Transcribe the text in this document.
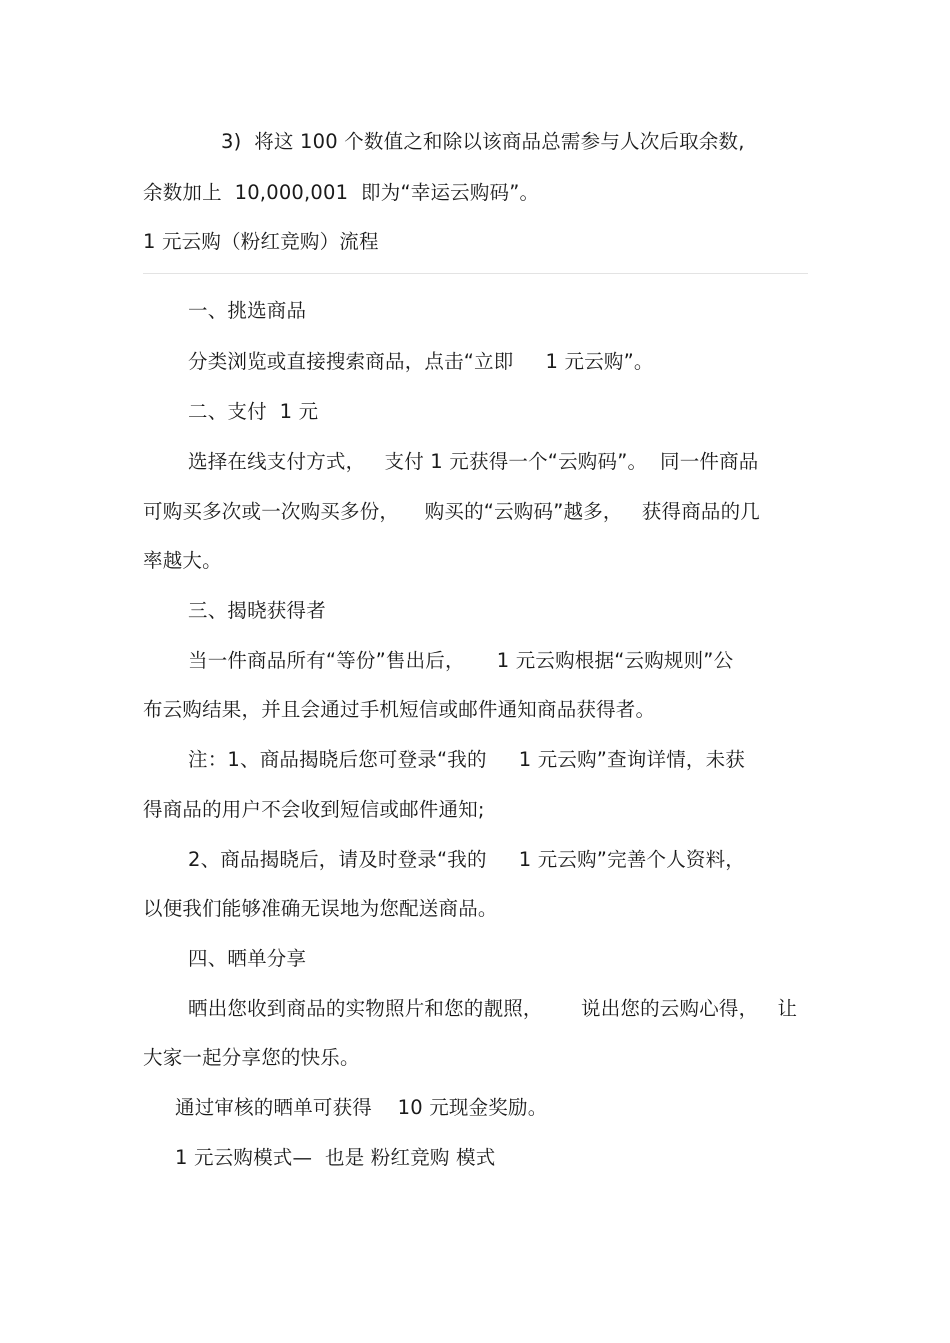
3)  将这 100 个数值之和除以该商品总需参与人次后取余数,
余数加上  10,000,001  即为“幸运云购码”。
1 元云购（粉红竞购）流程
一、挑选商品
分类浏览或直接搜索商品，点击“立即     1 元云购”。
二、支付  1 元
选择在线支付方式，   支付 1 元获得一个“云购码”。  同一件商品
可购买多次或一次购买多份，    购买的“云购码”越多，   获得商品的几
率越大。
三、揭晓获得者
当一件商品所有“等份”售出后，     1 元云购根据“云购规则”公
布云购结果，并且会通过手机短信或邮件通知商品获得者。
注：1、商品揭晓后您可登录“我的     1 元云购”查询详情，未获
得商品的用户不会收到短信或邮件通知;
2、商品揭晓后，请及时登录“我的     1 元云购”完善个人资料，
以便我们能够准确无误地为您配送商品。
四、晒单分享
晒出您收到商品的实物照片和您的靓照，      说出您的云购心得，   让
大家一起分享您的快乐。
通过审核的晒单可获得    10 元现金奖励。
1 元云购模式—  也是 粉红竞购 模式
